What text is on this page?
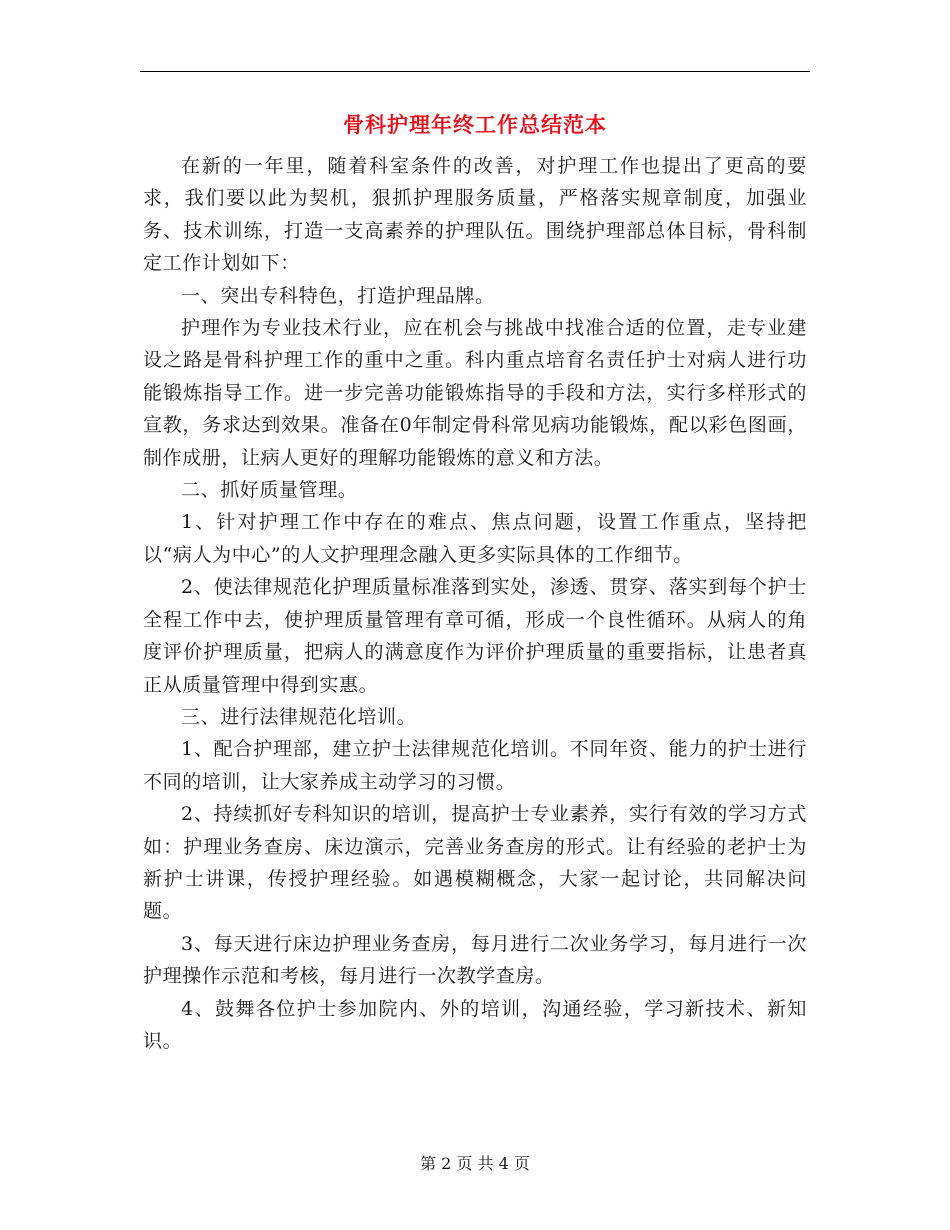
骨科护理年终工作总结范本

在新的一年里，随着科室条件的改善，对护理工作也提出了更高的要求，我们要以此为契机，狠抓护理服务质量，严格落实规章制度，加强业务、技术训练，打造一支高素养的护理队伍。围绕护理部总体目标，骨科制定工作计划如下：

一、突出专科特色，打造护理品牌。

护理作为专业技术行业，应在机会与挑战中找准合适的位置，走专业建设之路是骨科护理工作的重中之重。科内重点培育名责任护士对病人进行功能锻炼指导工作。进一步完善功能锻炼指导的手段和方法，实行多样形式的宣教，务求达到效果。准备在0年制定骨科常见病功能锻炼，配以彩色图画，制作成册，让病人更好的理解功能锻炼的意义和方法。

二、抓好质量管理。

1、针对护理工作中存在的难点、焦点问题，设置工作重点，坚持把以“病人为中心”的人文护理理念融入更多实际具体的工作细节。

2、使法律规范化护理质量标准落到实处，渗透、贯穿、落实到每个护士全程工作中去，使护理质量管理有章可循，形成一个良性循环。从病人的角度评价护理质量，把病人的满意度作为评价护理质量的重要指标，让患者真正从质量管理中得到实惠。

三、进行法律规范化培训。

1、配合护理部，建立护士法律规范化培训。不同年资、能力的护士进行不同的培训，让大家养成主动学习的习惯。

2、持续抓好专科知识的培训，提高护士专业素养，实行有效的学习方式如：护理业务查房、床边演示，完善业务查房的形式。让有经验的老护士为新护士讲课，传授护理经验。如遇模糊概念，大家一起讨论，共同解决问题。

3、每天进行床边护理业务查房，每月进行二次业务学习，每月进行一次护理操作示范和考核，每月进行一次教学查房。

4、鼓舞各位护士参加院内、外的培训，沟通经验，学习新技术、新知识。

第 2 页 共 4 页
